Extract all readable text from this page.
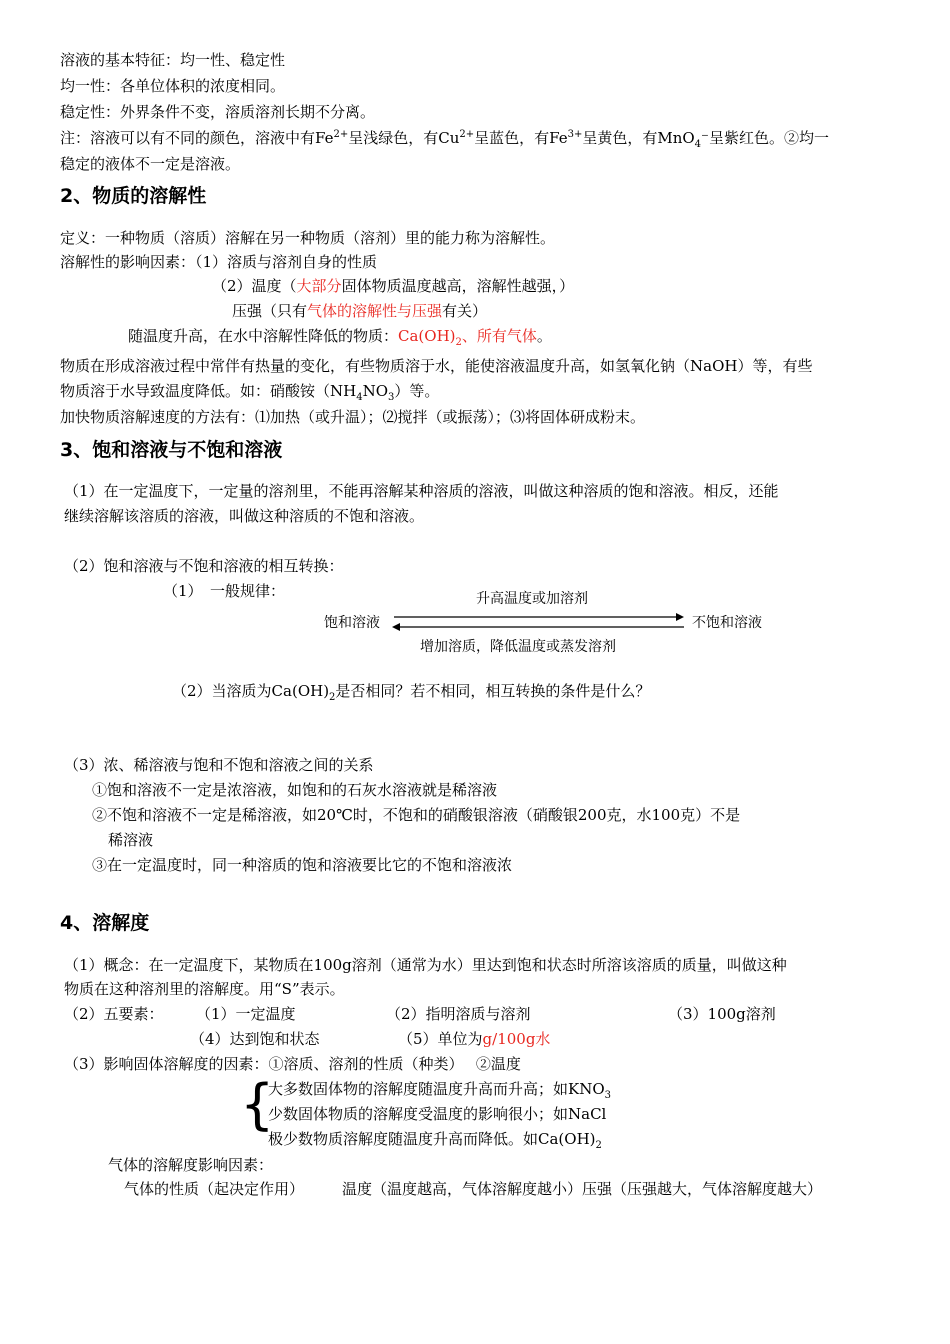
溶液的基本特征：均一性、稳定性
均一性：各单位体积的浓度相同。
稳定性：外界条件不变，溶质溶剂长期不分离。
注：溶液可以有不同的颜色，溶液中有$Fe^{2+}$呈浅绿色，有$Cu^{2+}$呈蓝色，有$Fe^{3+}$呈黄色，有MnO$_4$⁻呈紫红色。②均一
稳定的液体不一定是溶液。
2、物质的溶解性
定义：一种物质（溶质）溶解在另一种物质（溶剂）里的能力称为溶解性。
溶解性的影响因素：（1）溶质与溶剂自身的性质
（2）温度（大部分固体物质温度越高，溶解性越强，）
压强（只有气体的溶解性与压强有关）
随温度升高，在水中溶解性降低的物质：$Ca(OH)_2$、所有气体。
物质在形成溶液过程中常伴有热量的变化，有些物质溶于水，能使溶液温度升高，如氢氧化钠（NaOH）等，有些
物质溶于水导致温度降低。如：硝酸铵$(NH_4NO_3)$等。
加快物质溶解速度的方法有：⑴加热（或升温）；⑵搅拌（或振荡）；⑶将固体研成粉末。
3、饱和溶液与不饱和溶液
（1）在一定温度下，一定量的溶剂里，不能再溶解某种溶质的溶液，叫做这种溶质的饱和溶液。相反，还能
继续溶解该溶质的溶液，叫做这种溶质的不饱和溶液。
（2）饱和溶液与不饱和溶液的相互转换：
（1）　一般规律：
饱和溶液	不饱和溶液
升高温度或加溶剂
增加溶质，降低温度或蒸发溶剂
（2）当溶质为$Ca(OH)_2$是否相同？若不相同，相互转换的条件是什么？
（3）浓、稀溶液与饱和不饱和溶液之间的关系
①饱和溶液不一定是浓溶液，如饱和的石灰水溶液就是稀溶液
②不饱和溶液不一定是稀溶液，如20℃时，不饱和的硝酸银溶液（硝酸银200克，水100克）不是
稀溶液
③在一定温度时，同一种溶质的饱和溶液要比它的不饱和溶液浓
4、溶解度
（1）概念：在一定温度下，某物质在100g溶剂（通常为水）里达到饱和状态时所溶该溶质的质量，叫做这种
物质在这种溶剂里的溶解度。用“S”表示。
（2）五要素： （1）一定温度	（2）指明溶质与溶剂	（3）100g溶剂
（4）达到饱和状态	（5）单位为g/100g水
（3）影响固体溶解度的因素：①溶质、溶剂的性质（种类）　 ②温度
{
大多数固体物的溶解度随温度升高而升高；如$KNO_3$
少数固体物质的溶解度受温度的影响很小；如NaCl
极少数物质溶解度随温度升高而降低。如$Ca(OH)_2$
气体的溶解度影响因素：
气体的性质（起决定作用）	温度（温度越高，气体溶解度越小）压强（压强越大，气体溶解度越大）
